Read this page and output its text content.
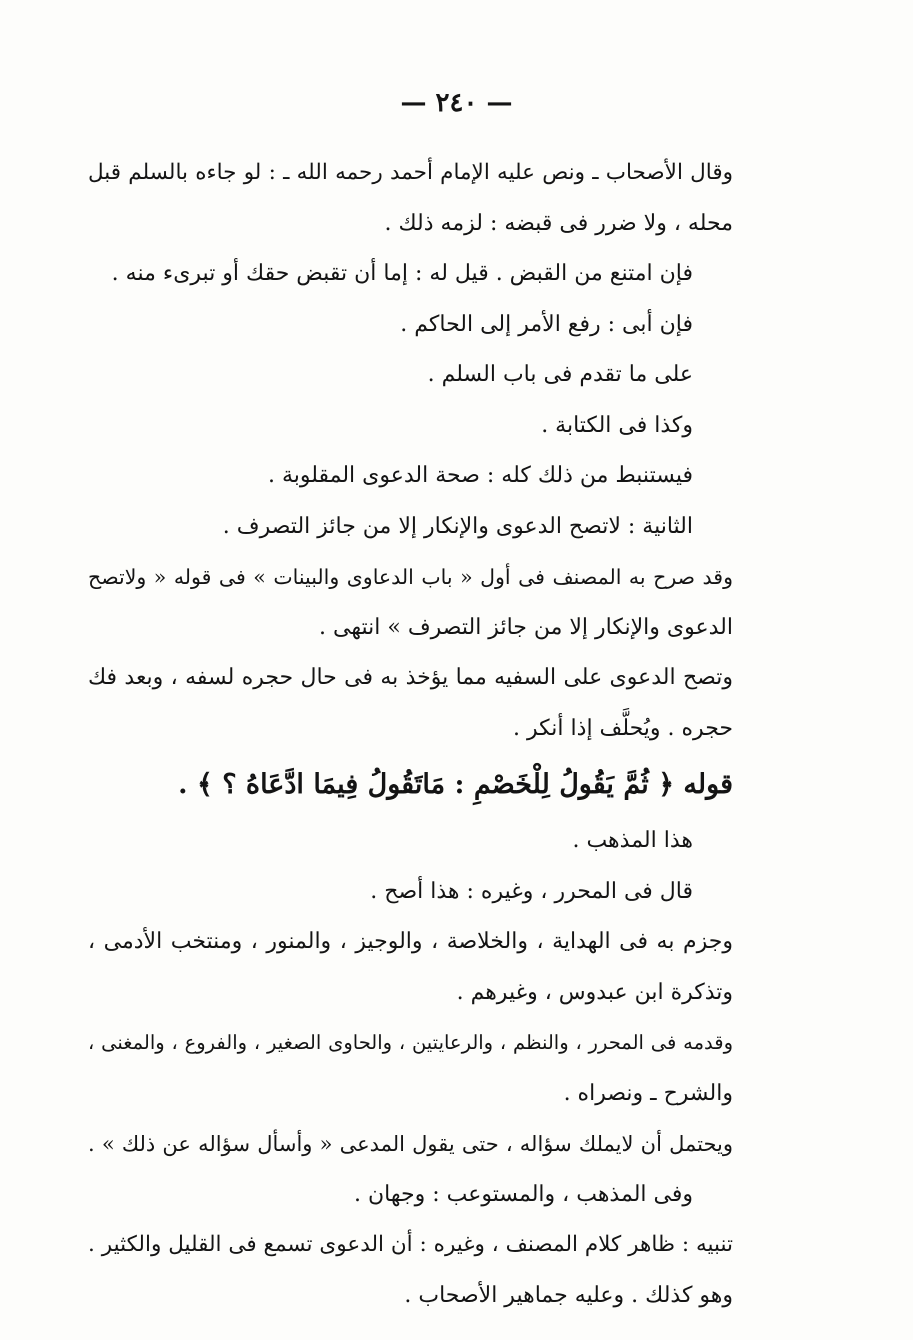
— ٢٤٠ —
وقال الأصحاب ـ ونص عليه الإمام أحمد رحمه الله ـ : لو جاءه بالسلم قبل
محله ، ولا ضرر فى قبضه : لزمه ذلك .
فإن امتنع من القبض . قيل له : إما أن تقبض حقك أو تبرىء منه .
فإن أبى : رفع الأمر إلى الحاكم .
على ما تقدم فى باب السلم .
وكذا فى الكتابة .
فيستنبط من ذلك كله : صحة الدعوى المقلوبة .
الثانية : لاتصح الدعوى والإنكار إلا من جائز التصرف .
وقد صرح به المصنف فى أول « باب الدعاوى والبينات » فى قوله « ولاتصح
الدعوى والإنكار إلا من جائز التصرف » انتهى .
وتصح الدعوى على السفيه مما يؤخذ به فى حال حجره لسفه ، وبعد فك
حجره . ويُحلَّف إذا أنكر .
قوله ﴿ ثُمَّ يَقُولُ لِلْخَصْمِ : مَاتَقُولُ فِيمَا ادَّعَاهُ ؟ ﴾ .
هذا المذهب .
قال فى المحرر ، وغيره : هذا أصح .
وجزم به فى الهداية ، والخلاصة ، والوجيز ، والمنور ، ومنتخب الأدمى ،
وتذكرة ابن عبدوس ، وغيرهم .
وقدمه فى المحرر ، والنظم ، والرعايتين ، والحاوى الصغير ، والفروع ، والمغنى ،
والشرح ـ ونصراه .
ويحتمل أن لايملك سؤاله ، حتى يقول المدعى « وأسأل سؤاله عن ذلك » .
وفى المذهب ، والمستوعب : وجهان .
تنبيه : ظاهر كلام المصنف ، وغيره : أن الدعوى تسمع فى القليل والكثير .
وهو كذلك . وعليه جماهير الأصحاب .
